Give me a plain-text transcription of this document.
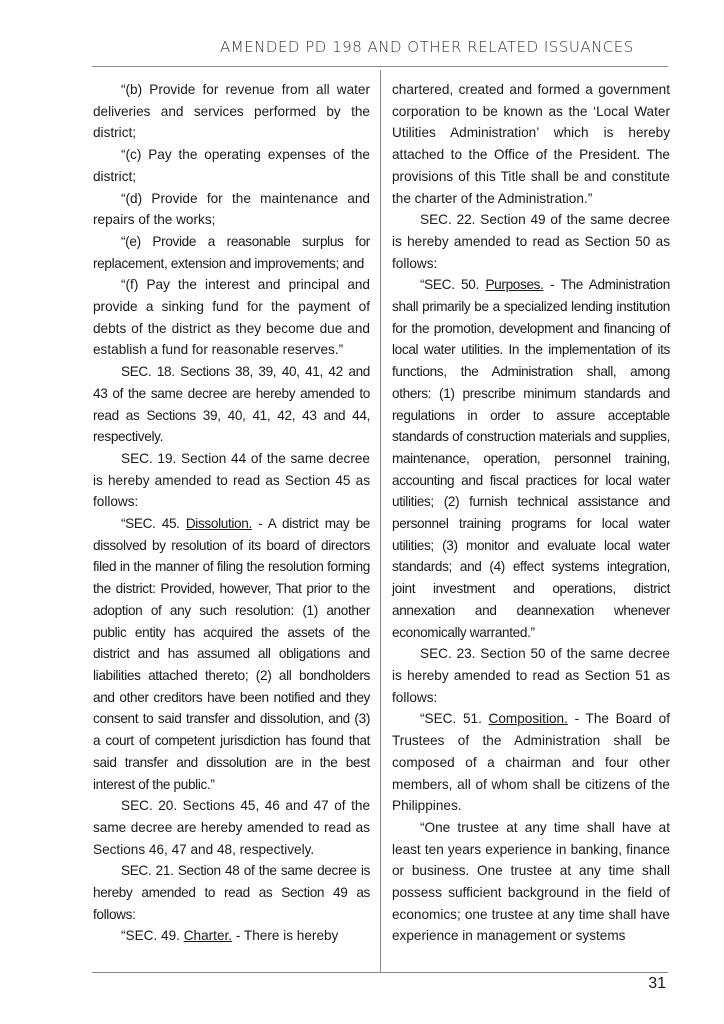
AMENDED PD 198 AND OTHER RELATED ISSUANCES

“(b) Provide for revenue from all water deliveries and services performed by the district;

“(c) Pay the operating expenses of the district;

“(d) Provide for the maintenance and repairs of the works;

“(e) Provide a reasonable surplus for replacement, extension and improvements; and

“(f) Pay the interest and principal and provide a sinking fund for the payment of debts of the district as they become due and establish a fund for reasonable reserves.”

SEC. 18. Sections 38, 39, 40, 41, 42 and 43 of the same decree are hereby amended to read as Sections 39, 40, 41, 42, 43 and 44, respectively.

SEC. 19. Section 44 of the same decree is hereby amended to read as Section 45 as follows:

“SEC. 45. Dissolution. - A district may be dissolved by resolution of its board of directors filed in the manner of filing the resolution forming the district: Provided, however, That prior to the adoption of any such resolution: (1) another public entity has acquired the assets of the district and has assumed all obligations and liabilities attached thereto; (2) all bondholders and other creditors have been notified and they consent to said transfer and dissolution, and (3) a court of competent jurisdiction has found that said transfer and dissolution are in the best interest of the public.”

SEC. 20. Sections 45, 46 and 47 of the same decree are hereby amended to read as Sections 46, 47 and 48, respectively.

SEC. 21. Section 48 of the same decree is hereby amended to read as Section 49 as follows:

“SEC. 49. Charter. - There is hereby

chartered, created and formed a government corporation to be known as the ‘Local Water Utilities Administration’ which is hereby attached to the Office of the President. The provisions of this Title shall be and constitute the charter of the Administration.”

SEC. 22. Section 49 of the same decree is hereby amended to read as Section 50 as follows:

“SEC. 50. Purposes. - The Administration shall primarily be a specialized lending institution for the promotion, development and financing of local water utilities. In the implementation of its functions, the Administration shall, among others: (1) prescribe minimum standards and regulations in order to assure acceptable standards of construction materials and supplies, maintenance, operation, personnel training, accounting and fiscal practices for local water utilities; (2) furnish technical assistance and personnel training programs for local water utilities; (3) monitor and evaluate local water standards; and (4) effect systems integration, joint investment and operations, district annexation and deannexation whenever economically warranted.”

SEC. 23. Section 50 of the same decree is hereby amended to read as Section 51 as follows:

“SEC. 51. Composition. - The Board of Trustees of the Administration shall be composed of a chairman and four other members, all of whom shall be citizens of the Philippines.

“One trustee at any time shall have at least ten years experience in banking, finance or business. One trustee at any time shall possess sufficient background in the field of economics; one trustee at any time shall have experience in management or systems

31
